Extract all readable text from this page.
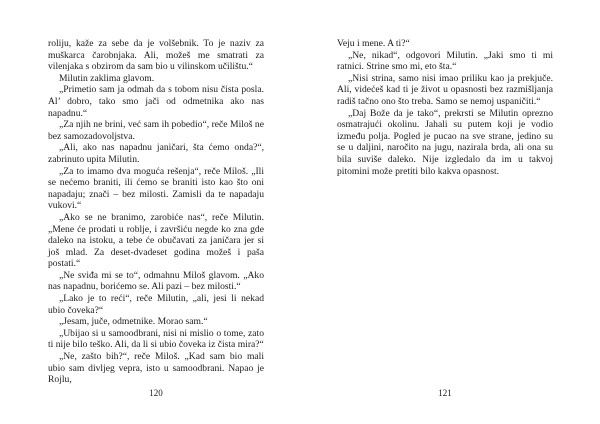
roliju, kaže za sebe da je volšebnik. To je naziv za muškarca čarobnjaka. Ali, možeš me smatrati za vilenjaka s obzirom da sam bio u vilinskom učilištu.“

Milutin zaklima glavom.

„Primetio sam ja odmah da s tobom nisu čista posla. Al’ dobro, tako smo jači od odmetnika ako nas napadnu.“

„Za njih ne brini, već sam ih pobedio“, reče Miloš ne bez samozadovoljstva.

„Ali, ako nas napadnu janičari, šta ćemo onda?“, zabrinuto upita Milutin.

„Za to imamo dva moguća rešenja“, reče Miloš. „Ili se nećemo braniti, ili ćemo se braniti isto kao što oni napadaju; znači – bez milosti. Zamisli da te napadaju vukovi.“

„Ako se ne branimo, zarobiće nas“, reče Milutin. „Mene će prodati u roblje, i završiću negde ko zna gde daleko na istoku, a tebe će obučavati za janičara jer si još mlad. Za deset-dvadeset godina možeš i paša postati.“

„Ne sviđa mi se to“, odmahnu Miloš glavom. „Ako nas napadnu, borićemo se. Ali pazi – bez milosti.“

„Lako je to reći“, reče Milutin, „ali, jesi li nekad ubio čoveka?“

„Jesam, juče, odmetnike. Morao sam.“

„Ubijao si u samoodbrani, nisi ni mislio o tome, zato ti nije bilo teško. Ali, da li si ubio čoveka iz čista mira?“

„Ne, zašto bih?“, reče Miloš. „Kad sam bio mali ubio sam divljeg vepra, isto u samoodbrani. Napao je Rojlu,

120

Veju i mene. A ti?“

„Ne, nikad“, odgovori Milutin. „Jaki smo ti mi ratnici. Strine smo mi, eto šta.“

„Nisi strina, samo nisi imao priliku kao ja prekjuče. Ali, videćeš kad ti je život u opasnosti bez razmišljanja radiš tačno ono što treba. Samo se nemoj uspaničiti.“

„Daj Bože da je tako“, prekrsti se Milutin oprezno osmatrajući okolinu. Jahali su putem koji je vodio između polja. Pogled je pucao na sve strane, jedino su se u daljini, naročito na jugu, nazirala brda, ali ona su bila suviše daleko. Nije izgledalo da im u takvoj pitomini može pretiti bilo kakva opasnost.

121
